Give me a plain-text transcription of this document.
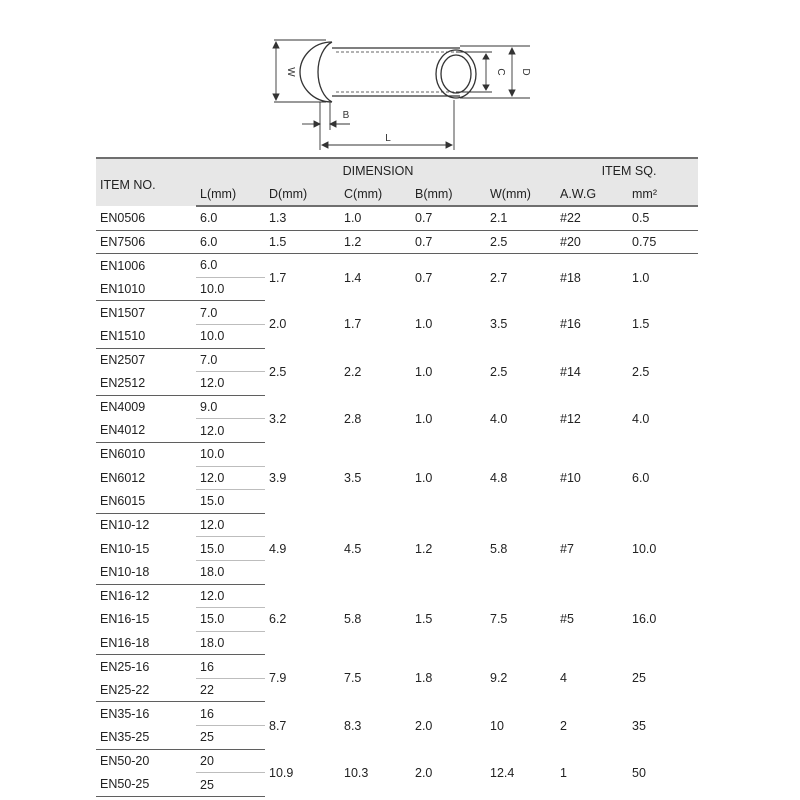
W	C D
B
L
ITEM NO.	DIMENSION					ITEM SQ.	
	L(mm)	D(mm)	C(mm)	B(mm)	W(mm)	A.W.G	mm²
EN0506	6.0	1.3	1.0	0.7	2.1	#22	0.5
EN7506	6.0	1.5	1.2	0.7	2.5	#20	0.75
EN1006	6.0	1.7	1.4	0.7	2.7	#18	1.0
EN1010	10.0						
EN1507	7.0	2.0	1.7	1.0	3.5	#16	1.5
EN1510	10.0						
EN2507	7.0	2.5	2.2	1.0	2.5	#14	2.5
EN2512	12.0						
EN4009	9.0	3.2	2.8	1.0	4.0	#12	4.0
EN4012	12.0						
EN6010	10.0	3.9	3.5	1.0	4.8	#10	6.0
EN6012	12.0						
EN6015	15.0						
EN10-12	12.0	4.9	4.5	1.2	5.8	#7	10.0
EN10-15	15.0						
EN10-18	18.0						
EN16-12	12.0	6.2	5.8	1.5	7.5	#5	16.0
EN16-15	15.0						
EN16-18	18.0						
EN25-16	16	7.9	7.5	1.8	9.2	4	25
EN25-22	22						
EN35-16	16	8.7	8.3	2.0	10	2	35
EN35-25	25						
EN50-20	20	10.9	10.3	2.0	12.4	1	50
EN50-25	25						
